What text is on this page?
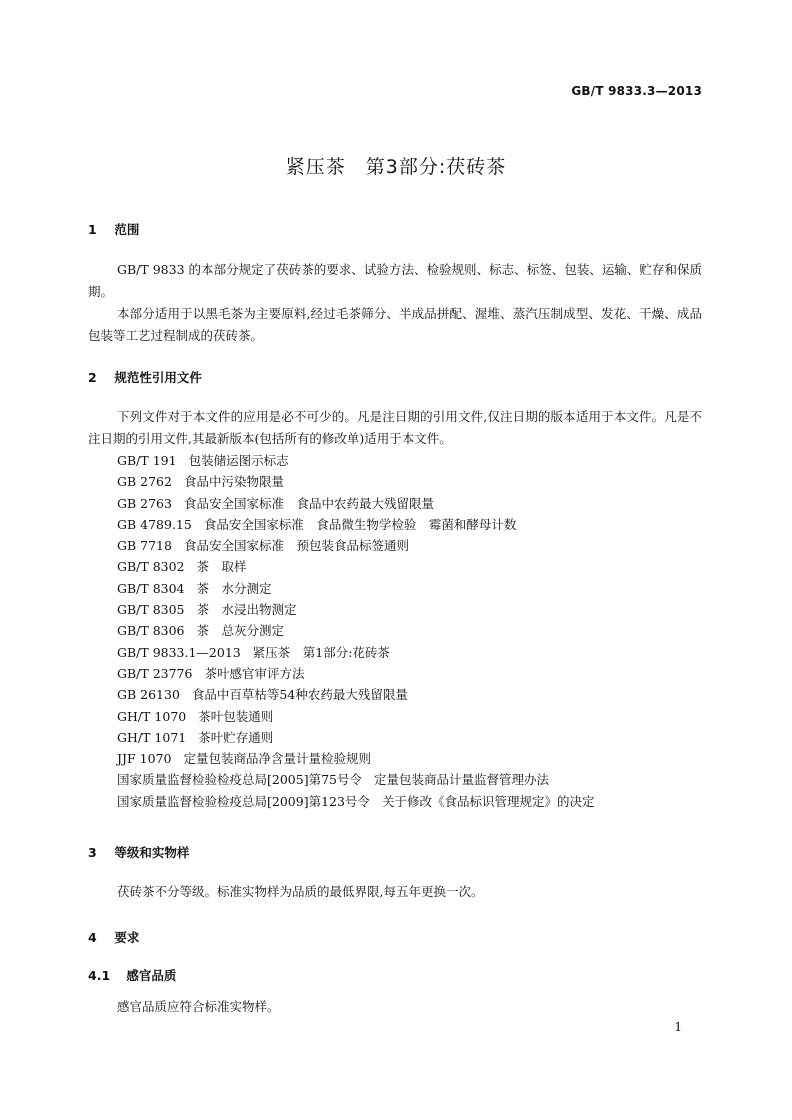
GB/T 9833.3—2013
紧压茶　第3部分:茯砖茶
1 范围
GB/T 9833 的本部分规定了茯砖茶的要求、试验方法、检验规则、标志、标签、包装、运输、贮存和保质期。
本部分适用于以黑毛茶为主要原料,经过毛茶筛分、半成品拼配、渥堆、蒸汽压制成型、发花、干燥、成品包装等工艺过程制成的茯砖茶。
2 规范性引用文件
下列文件对于本文件的应用是必不可少的。凡是注日期的引用文件,仅注日期的版本适用于本文件。凡是不注日期的引用文件,其最新版本(包括所有的修改单)适用于本文件。
GB/T 191 包装储运图示标志
GB 2762 食品中污染物限量
GB 2763 食品安全国家标准　食品中农药最大残留限量
GB 4789.15 食品安全国家标准　食品微生物学检验　霉菌和酵母计数
GB 7718 食品安全国家标准　预包装食品标签通则
GB/T 8302 茶　取样
GB/T 8304 茶　水分测定
GB/T 8305 茶　水浸出物测定
GB/T 8306 茶　总灰分测定
GB/T 9833.1—2013 紧压茶　第1部分:花砖茶
GB/T 23776 茶叶感官审评方法
GB 26130 食品中百草枯等54种农药最大残留限量
GH/T 1070 茶叶包装通则
GH/T 1071 茶叶贮存通则
JJF 1070 定量包装商品净含量计量检验规则
国家质量监督检验检疫总局[2005]第75号令 定量包装商品计量监督管理办法
国家质量监督检验检疫总局[2009]第123号令 关于修改《食品标识管理规定》的决定
3 等级和实物样
茯砖茶不分等级。标准实物样为品质的最低界限,每五年更换一次。
4 要求
4.1 感官品质
感官品质应符合标准实物样。
1
